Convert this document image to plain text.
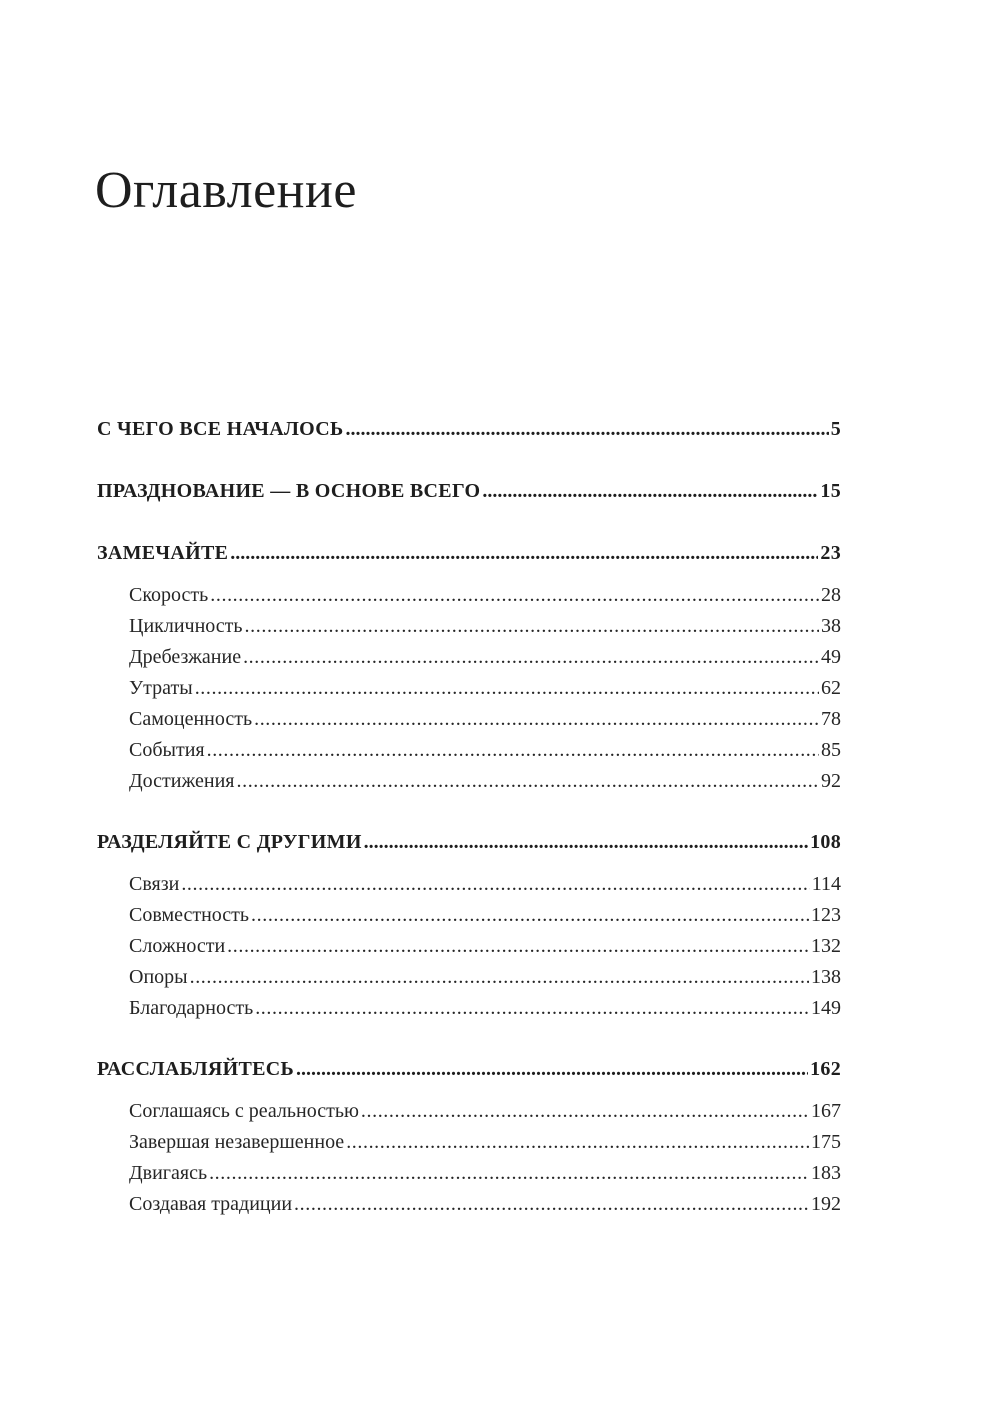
Оглавление
С ЧЕГО ВСЕ НАЧАЛОСЬ .....	5
ПРАЗДНОВАНИЕ — В ОСНОВЕ ВСЕГО .....	15
ЗАМЕЧАЙТЕ .....	23
Скорость .....	28
Цикличность .....	38
Дребезжание .....	49
Утраты .....	62
Самоценность .....	78
События .....	85
Достижения .....	92
РАЗДЕЛЯЙТЕ С ДРУГИМИ .....	108
Связи .....	114
Совместность .....	123
Сложности .....	132
Опоры .....	138
Благодарность .....	149
РАССЛАБЛЯЙТЕСЬ .....	162
Соглашаясь с реальностью .....	167
Завершая незавершенное .....	175
Двигаясь .....	183
Создавая традиции .....	192
